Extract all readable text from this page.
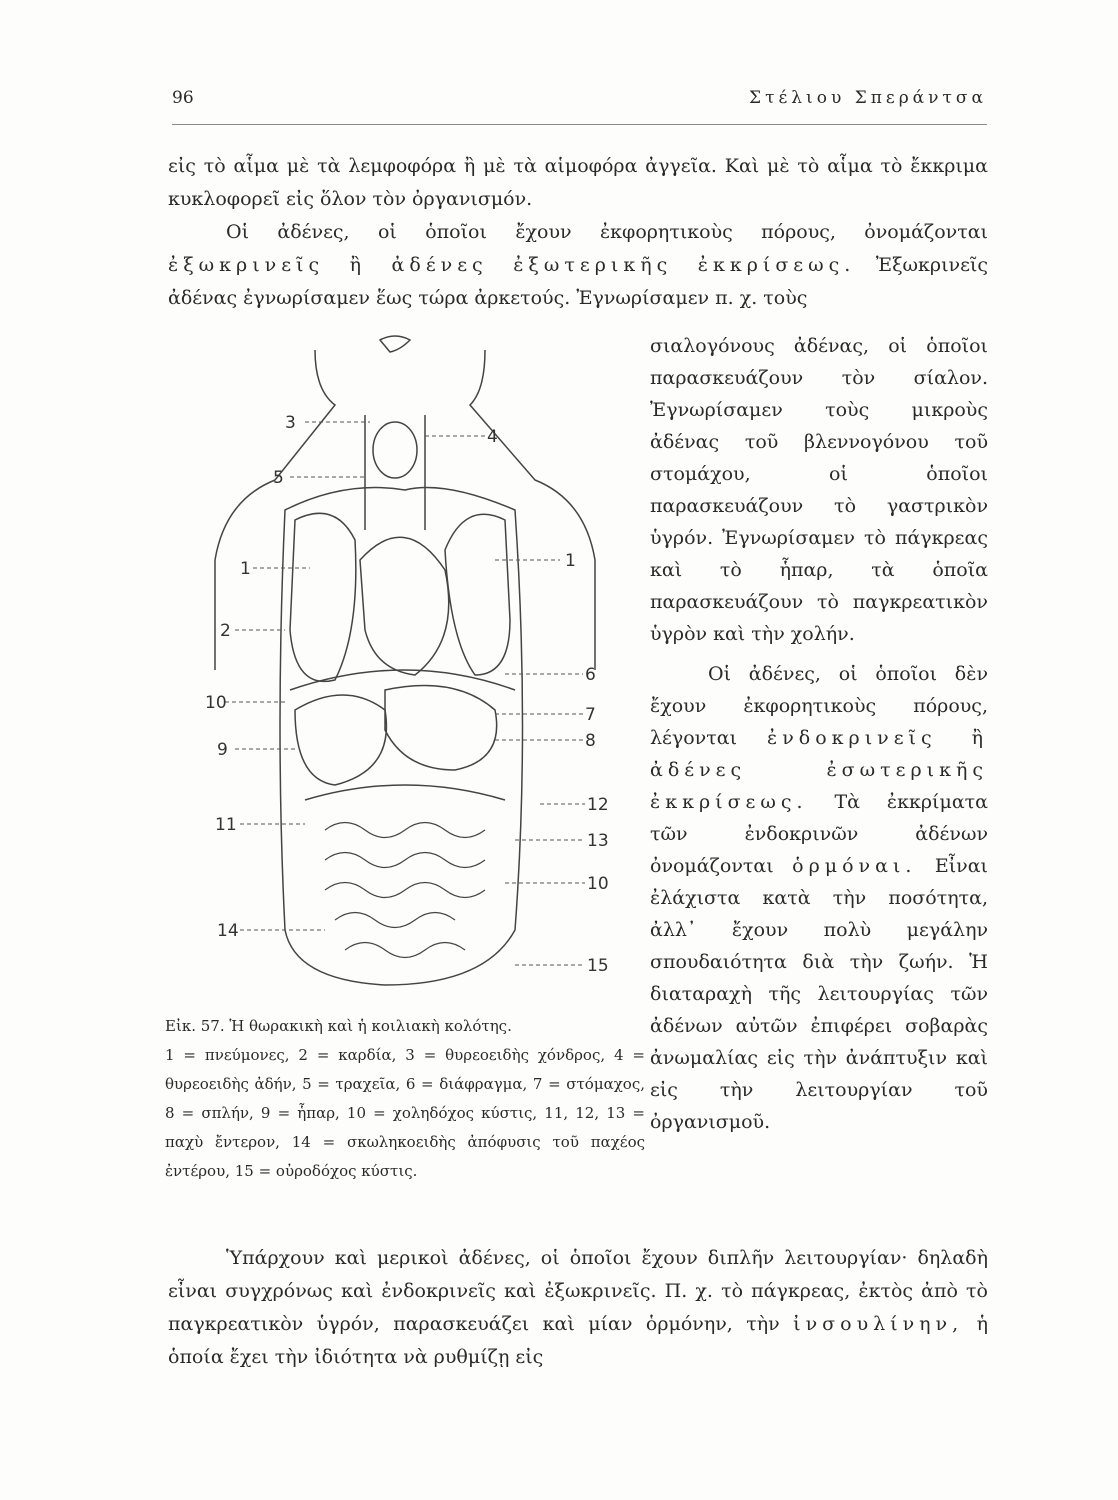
96	Στέλιου Σπεράντσα

εἰς τὸ αἷμα μὲ τὰ λεμφοφόρα ἢ μὲ τὰ αἱμοφόρα ἀγγεῖα. Καὶ μὲ τὸ αἷμα τὸ ἔκκριμα κυκλοφορεῖ εἰς ὅλον τὸν ὀργανισμόν.

Οἱ ἀδένες, οἱ ὁποῖοι ἔχουν ἐκφορητικοὺς πόρους, ὀνομάζονται ἐξωκρινεῖς ἢ ἀδένες ἐξωτερικῆς ἐκκρίσεως. Ἐξωκρινεῖς ἀδένας ἐγνωρίσαμεν ἕως τώρα ἀρκετούς. Ἐγνωρίσαμεν π. χ. τοὺς

3
4
5
1	1
2
6
10
7
9	8
12
11
13
10
14
15

Εἰκ. 57. Ἡ θωρακικὴ καὶ ἡ κοιλιακὴ κολότης.

1 = πνεύμονες, 2 = καρδία, 3 = θυρεοειδὴς χόνδρος, 4 = θυρεοειδὴς ἀδήν, 5 = τραχεῖα, 6 = διάφραγμα, 7 = στόμαχος, 8 = σπλήν, 9 = ἧπαρ, 10 = χοληδόχος κύστις, 11, 12, 13 = παχὺ ἔντερον, 14 = σκωληκοειδὴς ἀπόφυσις τοῦ παχέος ἐντέρου, 15 = οὐροδόχος κύστις.

σιαλογόνους ἀδένας, οἱ ὁποῖοι παρασκευάζουν τὸν σίαλον. Ἐγνωρίσαμεν τοὺς μικροὺς ἀδένας τοῦ βλεννογόνου τοῦ στομάχου, οἱ ὁποῖοι παρασκευάζουν τὸ γαστρικὸν ὑγρόν. Ἐγνωρίσαμεν τὸ πάγκρεας καὶ τὸ ἧπαρ, τὰ ὁποῖα παρασκευάζουν τὸ παγκρεατικὸν ὑγρὸν καὶ τὴν χολήν.

Οἱ ἀδένες, οἱ ὁποῖοι δὲν ἔχουν ἐκφορητικοὺς πόρους, λέγονται ἐνδοκρινεῖς ἢ ἀδένες ἐσωτερικῆς ἐκκρίσεως. Τὰ ἐκκρίματα τῶν ἐνδοκρινῶν ἀδένων ὀνομάζονται ὁρμόναι. Εἶναι ἐλάχιστα κατὰ τὴν ποσότητα, ἀλλ᾽ ἔχουν πολὺ μεγάλην σπουδαιότητα διὰ τὴν ζωήν. Ἡ διαταραχὴ τῆς λειτουργίας τῶν ἀδένων αὐτῶν ἐπιφέρει σοβαρὰς ἀνωμαλίας εἰς τὴν ἀνάπτυξιν καὶ εἰς τὴν λειτουργίαν τοῦ ὀργανισμοῦ.

Ὑπάρχουν καὶ μερικοὶ ἀδένες, οἱ ὁποῖοι ἔχουν διπλῆν λειτουργίαν· δηλαδὴ εἶναι συγχρόνως καὶ ἐνδοκρινεῖς καὶ ἐξωκρινεῖς. Π. χ. τὸ πάγκρεας, ἐκτὸς ἀπὸ τὸ παγκρεατικὸν ὑγρόν, παρασκευάζει καὶ μίαν ὁρμόνην, τὴν ἰνσουλίνην, ἡ ὁποία ἔχει τὴν ἰδιότητα νὰ ρυθμίζῃ εἰς
